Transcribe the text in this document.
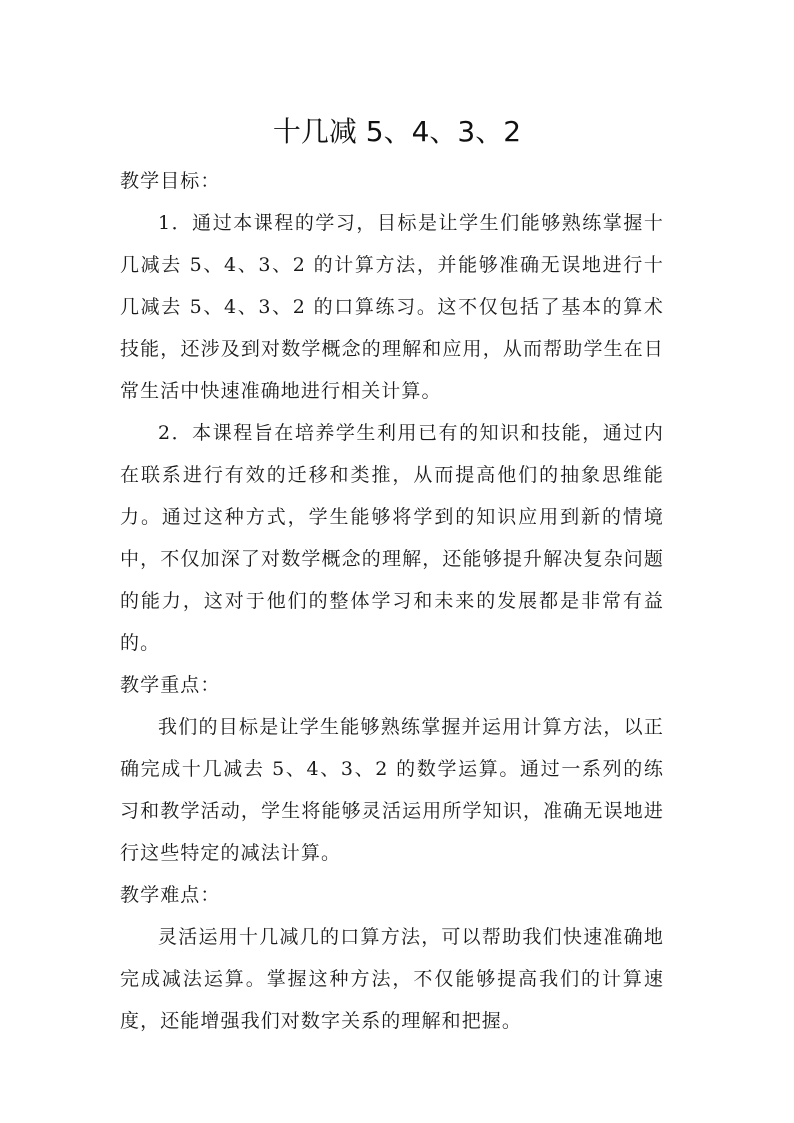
十几减 5、4、3、2

教学目标：

1．通过本课程的学习，目标是让学生们能够熟练掌握十几减去 5、4、3、2 的计算方法，并能够准确无误地进行十几减去 5、4、3、2 的口算练习。这不仅包括了基本的算术技能，还涉及到对数学概念的理解和应用，从而帮助学生在日常生活中快速准确地进行相关计算。

2．本课程旨在培养学生利用已有的知识和技能，通过内在联系进行有效的迁移和类推，从而提高他们的抽象思维能力。通过这种方式，学生能够将学到的知识应用到新的情境中，不仅加深了对数学概念的理解，还能够提升解决复杂问题的能力，这对于他们的整体学习和未来的发展都是非常有益的。

教学重点：

我们的目标是让学生能够熟练掌握并运用计算方法，以正确完成十几减去 5、4、3、2 的数学运算。通过一系列的练习和教学活动，学生将能够灵活运用所学知识，准确无误地进行这些特定的减法计算。

教学难点：

灵活运用十几减几的口算方法，可以帮助我们快速准确地完成减法运算。掌握这种方法，不仅能够提高我们的计算速度，还能增强我们对数字关系的理解和把握。
